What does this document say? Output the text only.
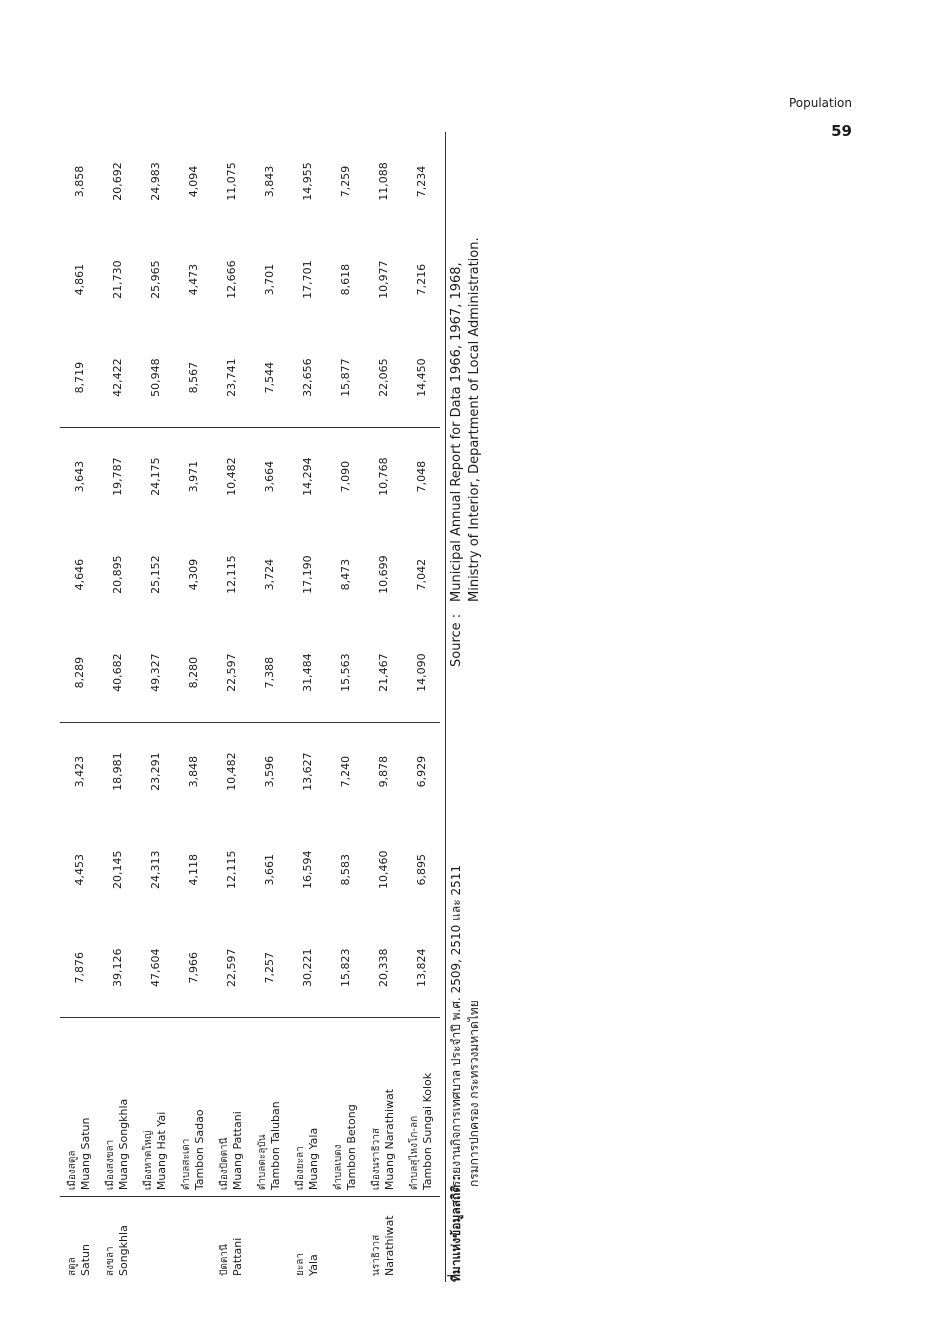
Population
59
สตูล Satun	เมืองสตูล Muang Satun	7,876	4,453	3,423	8,289	4,646	3,643	8,719	4,861	3,858

สงขลา Songkhla	เมืองสงขลา Muang Songkhla	39,126	20,145	18,981	40,682	20,895	19,787	42,422	21,730	20,692

	เมืองหาดใหญ่ Muang Hat Yai	47,604	24,313	23,291	49,327	25,152	24,175	50,948	25,965	24,983

	ตำบลสะเดา Tambon Sadao	7,966	4,118	3,848	8,280	4,309	3,971	8,567	4,473	4,094

ปัตตานี Pattani	เมืองปัตตานี Muang Pattani	22,597	12,115	10,482	22,597	12,115	10,482	23,741	12,666	11,075

	ตำบลตะลุบัน Tambon Taluban	7,257	3,661	3,596	7,388	3,724	3,664	7,544	3,701	3,843

ยะลา Yala	เมืองยะลา Muang Yala	30,221	16,594	13,627	31,484	17,190	14,294	32,656	17,701	14,955

	ตำบลเบตง Tambon Betong	15,823	8,583	7,240	15,563	8,473	7,090	15,877	8,618	7,259

นราธิวาส Narathiwat	เมืองนราธิวาส Muang Narathiwat	20,338	10,460	9,878	21,467	10,699	10,768	22,065	10,977	11,088

	ตำบลสุไหงโก-ลก Tambon Sungai Kolok	13,824	6,895	6,929	14,090	7,042	7,048	14,450	7,216	7,234
ที่มาแห่งข้อมูลสถิติ :
รายงานกิจการเทศบาล ประจำปี พ.ศ. 2509, 2510 และ 2511 กรมการปกครอง กระทรวงมหาดไทย
Source :
Municipal Annual Report for Data 1966, 1967, 1968, Ministry of Interior, Department of Local Administration.
